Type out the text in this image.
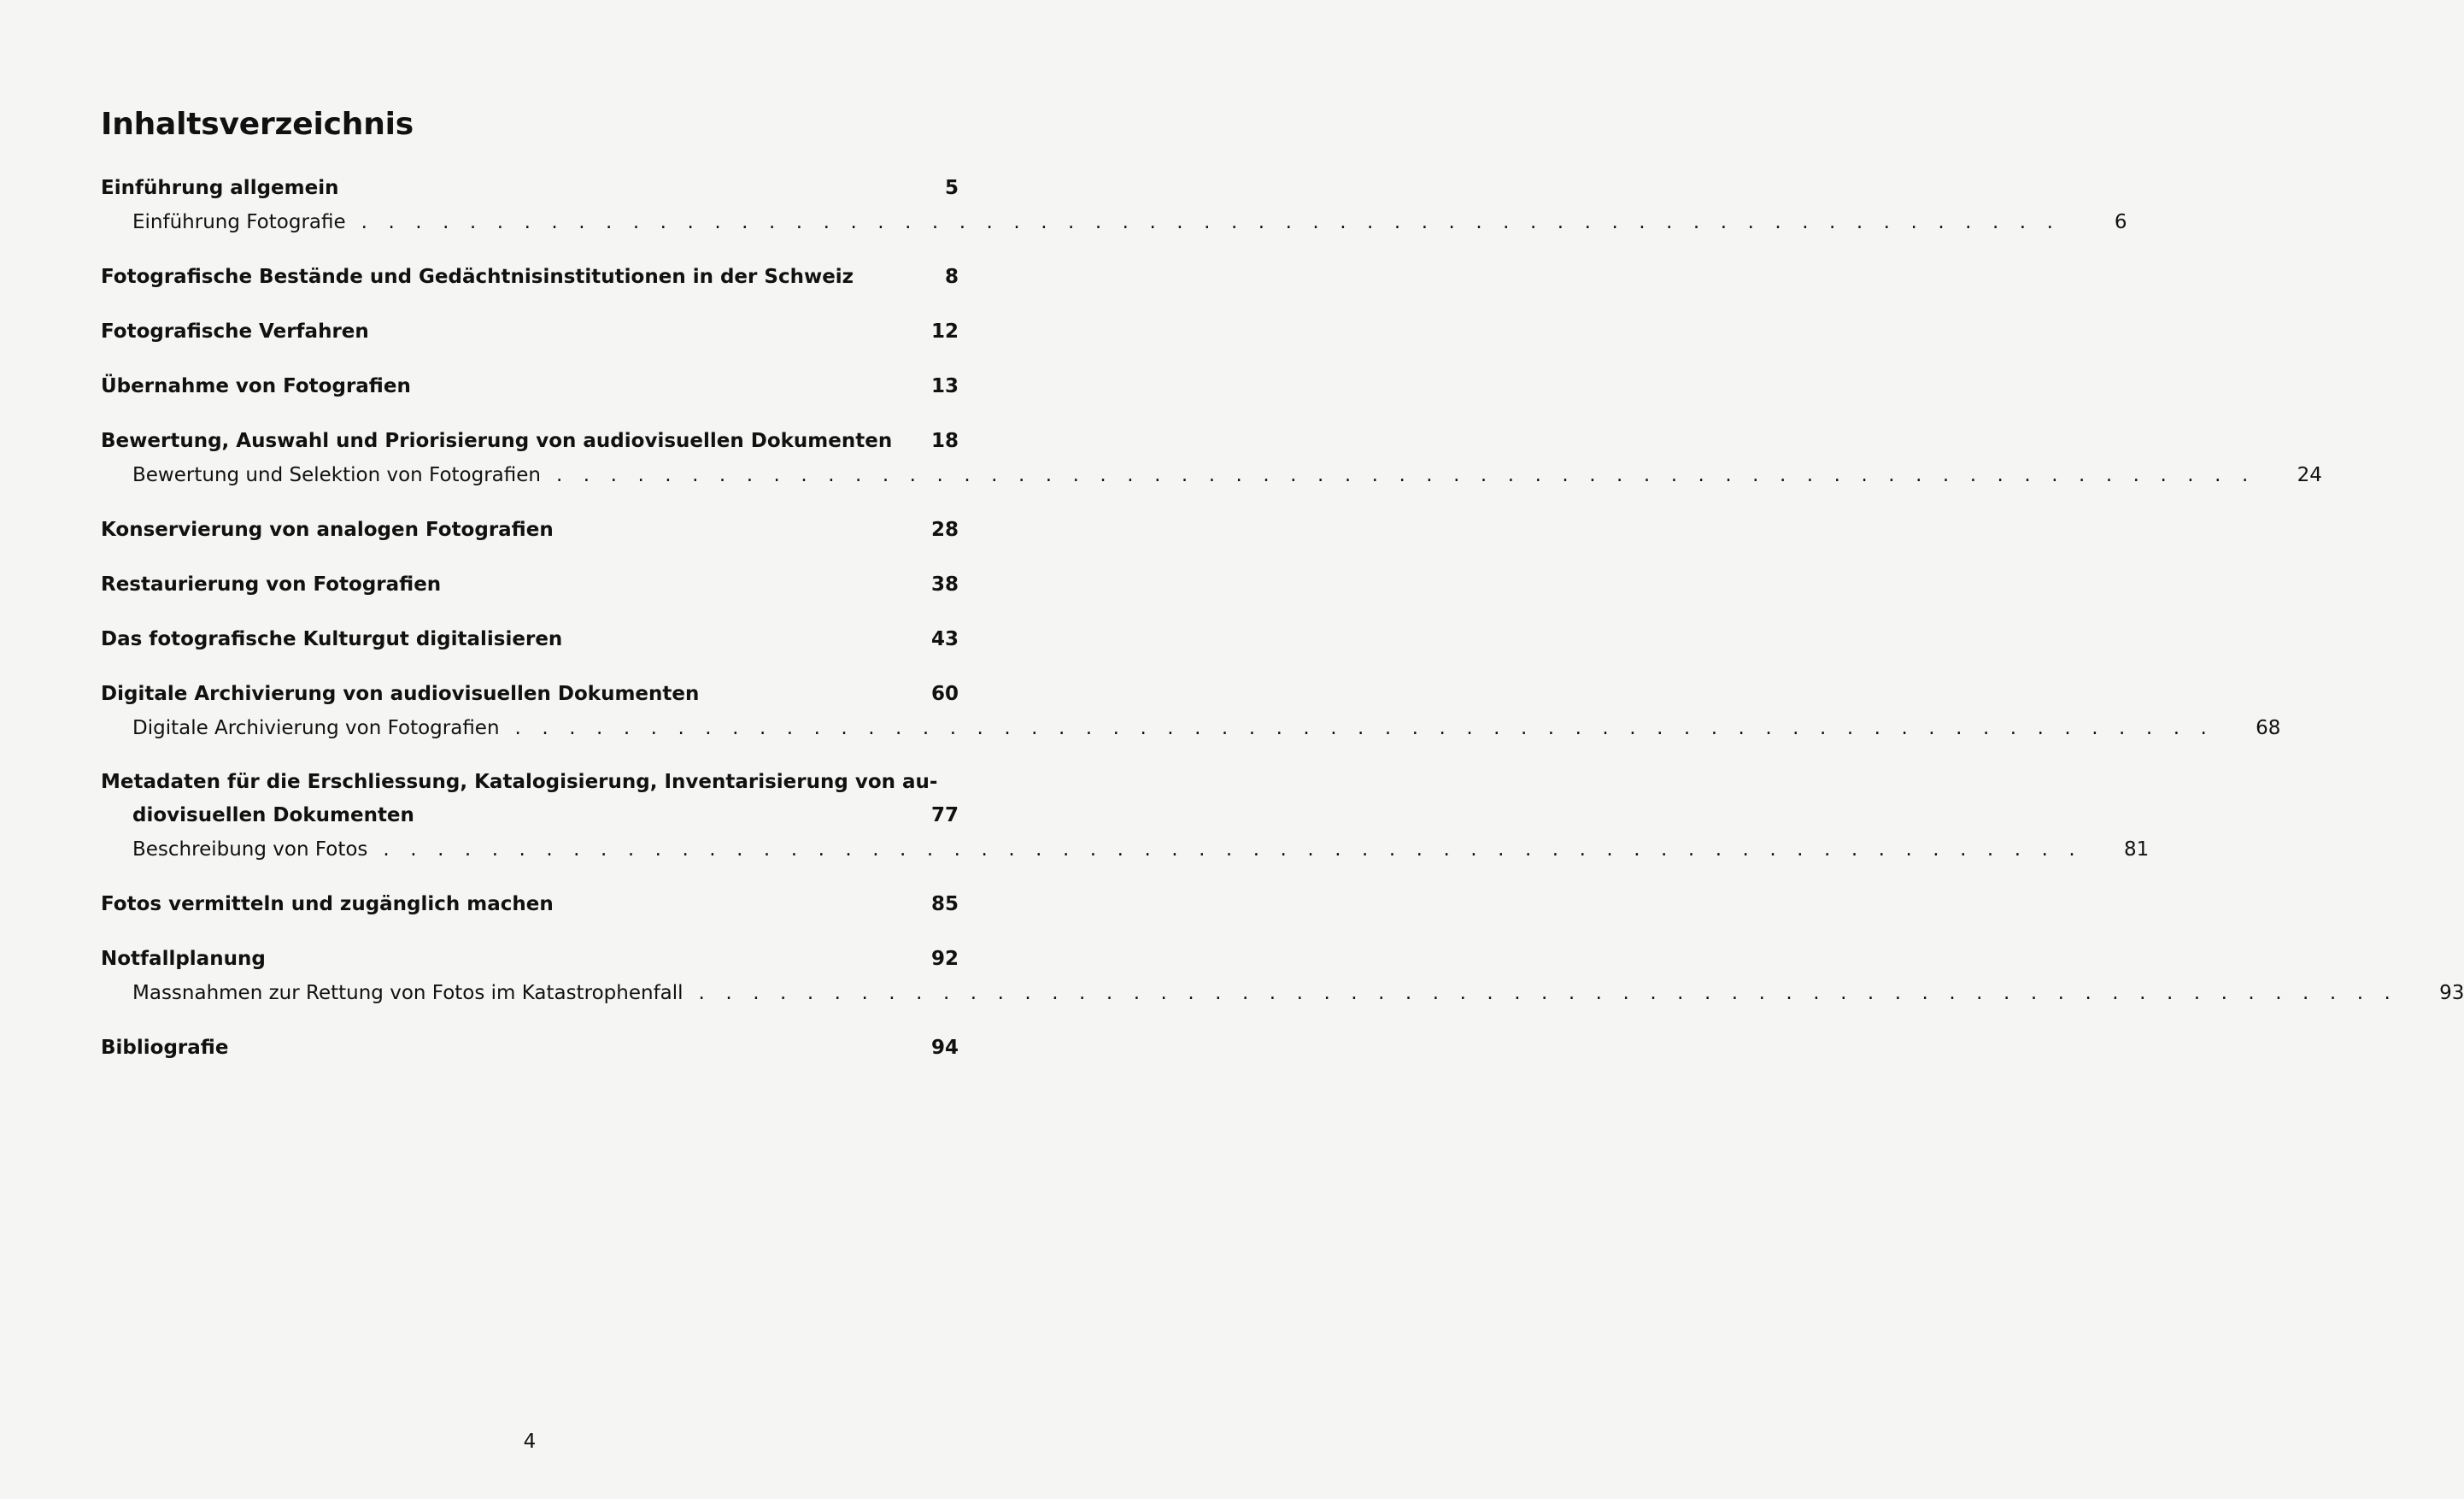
Inhaltsverzeichnis
Einführung allgemein	5
Einführung Fotografie . . . . . . . . . . . . . . . . . . . . . . . . . . . . . . . . . . . . . . . . . . . . . . . . . . . . . . . . . . . . . . .	6
Fotografische Bestände und Gedächtnisinstitutionen in der Schweiz	8
Fotografische Verfahren	12
Übernahme von Fotografien	13
Bewertung, Auswahl und Priorisierung von audiovisuellen Dokumenten 18
Bewertung und Selektion von Fotografien . . . . . . . . . . . . . . . . . . . . . . . . . . . . . . . . . . . . . . . . . . . . . . . . . . . . . . . . . . . . . . . 24
Konservierung von analogen Fotografien	28
Restaurierung von Fotografien	38
Das fotografische Kulturgut digitalisieren	43
Digitale Archivierung von audiovisuellen Dokumenten	60
Digitale Archivierung von Fotografien . . . . . . . . . . . . . . . . . . . . . . . . . . . . . . . . . . . . . . . . . . . . . . . . . . . . . . . . . . . . . . . 68
Metadaten für die Erschliessung, Katalogisierung, Inventarisierung von au-
diovisuellen Dokumenten	77
Beschreibung von Fotos . . . . . . . . . . . . . . . . . . . . . . . . . . . . . . . . . . . . . . . . . . . . . . . . . . . . . . . . . . . . . . . 81
Fotos vermitteln und zugänglich machen	85
Notfallplanung	92
Massnahmen zur Rettung von Fotos im Katastrophenfall . . . . . . . . . . . . . . . . . . . . . . . . . . . . . . . . . . . . . . . . . . . . . . . . . . . . . . . . . . . . . . . 93
Bibliografie	94
4
